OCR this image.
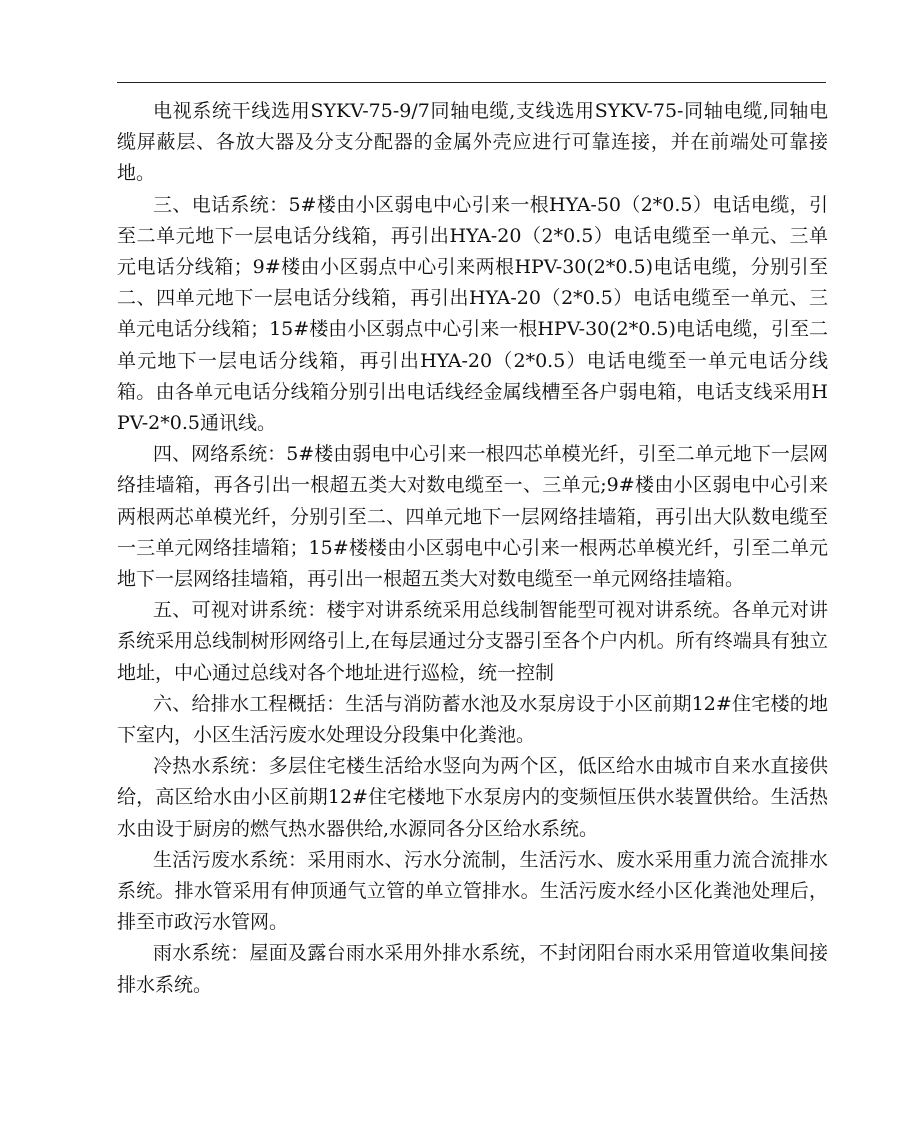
电视系统干线选用SYKV-75-9/7同轴电缆,支线选用SYKV-75-同轴电缆,同轴电缆屏蔽层、各放大器及分支分配器的金属外壳应进行可靠连接，并在前端处可靠接地。

三、电话系统：5#楼由小区弱电中心引来一根HYA-50（2*0.5）电话电缆，引至二单元地下一层电话分线箱，再引出HYA-20（2*0.5）电话电缆至一单元、三单元电话分线箱；9#楼由小区弱点中心引来两根HPV-30(2*0.5)电话电缆，分别引至二、四单元地下一层电话分线箱，再引出HYA-20（2*0.5）电话电缆至一单元、三单元电话分线箱；15#楼由小区弱点中心引来一根HPV-30(2*0.5)电话电缆，引至二单元地下一层电话分线箱，再引出HYA-20（2*0.5）电话电缆至一单元电话分线箱。由各单元电话分线箱分别引出电话线经金属线槽至各户弱电箱，电话支线采用HPV-2*0.5通讯线。

四、网络系统：5#楼由弱电中心引来一根四芯单模光纤，引至二单元地下一层网络挂墙箱，再各引出一根超五类大对数电缆至一、三单元;9#楼由小区弱电中心引来两根两芯单模光纤，分别引至二、四单元地下一层网络挂墙箱，再引出大队数电缆至一三单元网络挂墙箱；15#楼楼由小区弱电中心引来一根两芯单模光纤，引至二单元地下一层网络挂墙箱，再引出一根超五类大对数电缆至一单元网络挂墙箱。

五、可视对讲系统：楼宇对讲系统采用总线制智能型可视对讲系统。各单元对讲系统采用总线制树形网络引上,在每层通过分支器引至各个户内机。所有终端具有独立地址，中心通过总线对各个地址进行巡检，统一控制

六、给排水工程概括：生活与消防蓄水池及水泵房设于小区前期12#住宅楼的地下室内，小区生活污废水处理设分段集中化粪池。

冷热水系统：多层住宅楼生活给水竖向为两个区，低区给水由城市自来水直接供给，高区给水由小区前期12#住宅楼地下水泵房内的变频恒压供水装置供给。生活热水由设于厨房的燃气热水器供给,水源同各分区给水系统。

生活污废水系统：采用雨水、污水分流制，生活污水、废水采用重力流合流排水系统。排水管采用有伸顶通气立管的单立管排水。生活污废水经小区化粪池处理后，排至市政污水管网。

雨水系统：屋面及露台雨水采用外排水系统，不封闭阳台雨水采用管道收集间接排水系统。
